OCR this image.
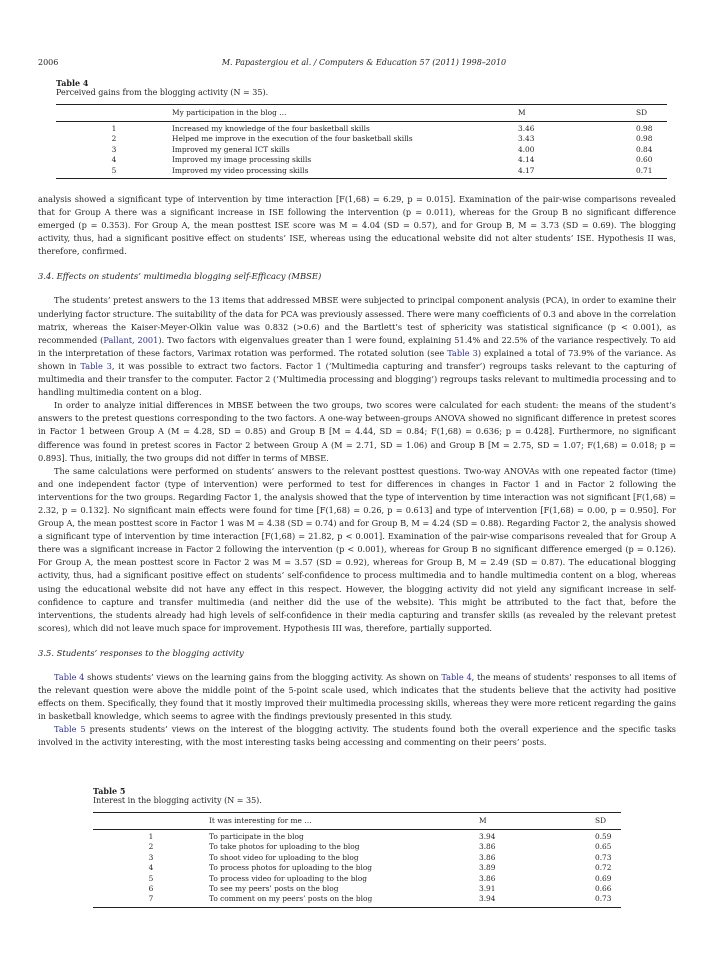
2006	M. Papastergiou et al. / Computers & Education 57 (2011) 1998–2010
Table 4
Perceived gains from the blogging activity (N = 35).
	My participation in the blog …	M	SD
1	Increased my knowledge of the four basketball skills	3.46	0.98
2	Helped me improve in the execution of the four basketball skills	3.43	0.98
3	Improved my general ICT skills	4.00	0.84
4	Improved my image processing skills	4.14	0.60
5	Improved my video processing skills	4.17	0.71

analysis showed a significant type of intervention by time interaction [F(1,68) = 6.29, p = 0.015]. Examination of the pair-wise comparisons revealed that for Group A there was a significant increase in ISE following the intervention (p = 0.011), whereas for the Group B no significant difference emerged (p = 0.353). For Group A, the mean posttest ISE score was M = 4.04 (SD = 0.57), and for Group B, M = 3.73 (SD = 0.69). The blogging activity, thus, had a significant positive effect on students’ ISE, whereas using the educational website did not alter students’ ISE. Hypothesis II was, therefore, confirmed.

3.4. Effects on students’ multimedia blogging self-Efficacy (MBSE)

The students’ pretest answers to the 13 items that addressed MBSE were subjected to principal component analysis (PCA), in order to examine their underlying factor structure. The suitability of the data for PCA was previously assessed. There were many coefficients of 0.3 and above in the correlation matrix, whereas the Kaiser-Meyer-Olkin value was 0.832 (>0.6) and the Bartlett’s test of sphericity was statistical significance (p < 0.001), as recommended (Pallant, 2001). Two factors with eigenvalues greater than 1 were found, explaining 51.4% and 22.5% of the variance respectively. To aid in the interpretation of these factors, Varimax rotation was performed. The rotated solution (see Table 3) explained a total of 73.9% of the variance. As shown in Table 3, it was possible to extract two factors. Factor 1 (‘Multimedia capturing and transfer’) regroups tasks relevant to the capturing of multimedia and their transfer to the computer. Factor 2 (‘Multimedia processing and blogging’) regroups tasks relevant to multimedia processing and to handling multimedia content on a blog.

In order to analyze initial differences in MBSE between the two groups, two scores were calculated for each student: the means of the student’s answers to the pretest questions corresponding to the two factors. A one-way between-groups ANOVA showed no significant difference in pretest scores in Factor 1 between Group A (M = 4.28, SD = 0.85) and Group B [M = 4.44, SD = 0.84; F(1,68) = 0.636; p = 0.428]. Furthermore, no significant difference was found in pretest scores in Factor 2 between Group A (M = 2.71, SD = 1.06) and Group B [M = 2.75, SD = 1.07; F(1,68) = 0.018; p = 0.893]. Thus, initially, the two groups did not differ in terms of MBSE.

The same calculations were performed on students’ answers to the relevant posttest questions. Two-way ANOVAs with one repeated factor (time) and one independent factor (type of intervention) were performed to test for differences in changes in Factor 1 and in Factor 2 following the interventions for the two groups. Regarding Factor 1, the analysis showed that the type of intervention by time interaction was not significant [F(1,68) = 2.32, p = 0.132]. No significant main effects were found for time [F(1,68) = 0.26, p = 0.613] and type of intervention [F(1,68) = 0.00, p = 0.950]. For Group A, the mean posttest score in Factor 1 was M = 4.38 (SD = 0.74) and for Group B, M = 4.24 (SD = 0.88). Regarding Factor 2, the analysis showed a significant type of intervention by time interaction [F(1,68) = 21.82, p < 0.001]. Examination of the pair-wise comparisons revealed that for Group A there was a significant increase in Factor 2 following the intervention (p < 0.001), whereas for Group B no significant difference emerged (p = 0.126). For Group A, the mean posttest score in Factor 2 was M = 3.57 (SD = 0.92), whereas for Group B, M = 2.49 (SD = 0.87). The educational blogging activity, thus, had a significant positive effect on students’ self-confidence to process multimedia and to handle multimedia content on a blog, whereas using the educational website did not have any effect in this respect. However, the blogging activity did not yield any significant increase in self-confidence to capture and transfer multimedia (and neither did the use of the website). This might be attributed to the fact that, before the interventions, the students already had high levels of self-confidence in their media capturing and transfer skills (as revealed by the relevant pretest scores), which did not leave much space for improvement. Hypothesis III was, therefore, partially supported.

3.5. Students’ responses to the blogging activity

Table 4 shows students’ views on the learning gains from the blogging activity. As shown on Table 4, the means of students’ responses to all items of the relevant question were above the middle point of the 5-point scale used, which indicates that the students believe that the activity had positive effects on them. Specifically, they found that it mostly improved their multimedia processing skills, whereas they were more reticent regarding the gains in basketball knowledge, which seems to agree with the findings previously presented in this study.

Table 5 presents students’ views on the interest of the blogging activity. The students found both the overall experience and the specific tasks involved in the activity interesting, with the most interesting tasks being accessing and commenting on their peers’ posts.

Table 5
Interest in the blogging activity (N = 35).
	It was interesting for me …	M	SD
1	To participate in the blog	3.94	0.59
2	To take photos for uploading to the blog	3.86	0.65
3	To shoot video for uploading to the blog	3.86	0.73
4	To process photos for uploading to the blog	3.89	0.72
5	To process video for uploading to the blog	3.86	0.69
6	To see my peers’ posts on the blog	3.91	0.66
7	To comment on my peers’ posts on the blog	3.94	0.73
